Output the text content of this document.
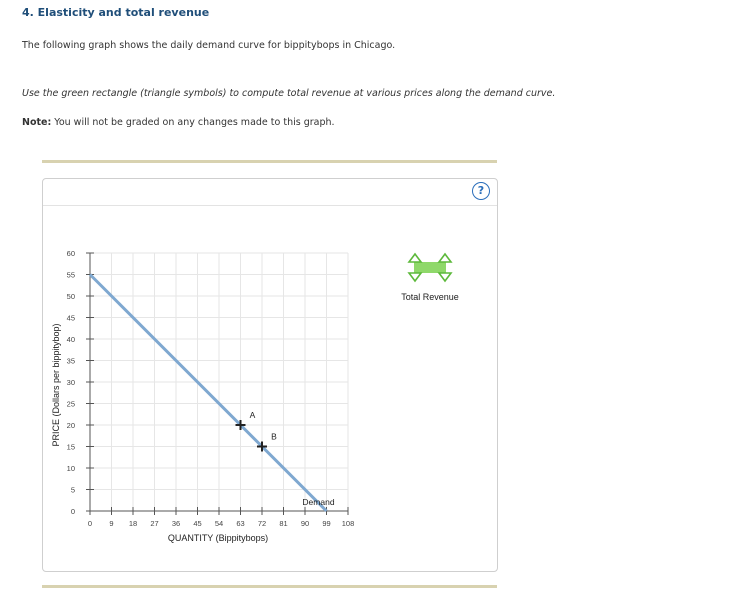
4. Elasticity and total revenue
The following graph shows the daily demand curve for bippitybops in Chicago.
Use the green rectangle (triangle symbols) to compute total revenue at various prices along the demand curve.
Note: You will not be graded on any changes made to this graph.
?
0 9 18 27 36 45 54 63 72 81 90 99 108
0
5
10
15
20
25
30
35
40
45
50
55
60
Demand
A
B
QUANTITY (Bippitybops)
PRICE (Dollars per bippitybop)
Total Revenue
